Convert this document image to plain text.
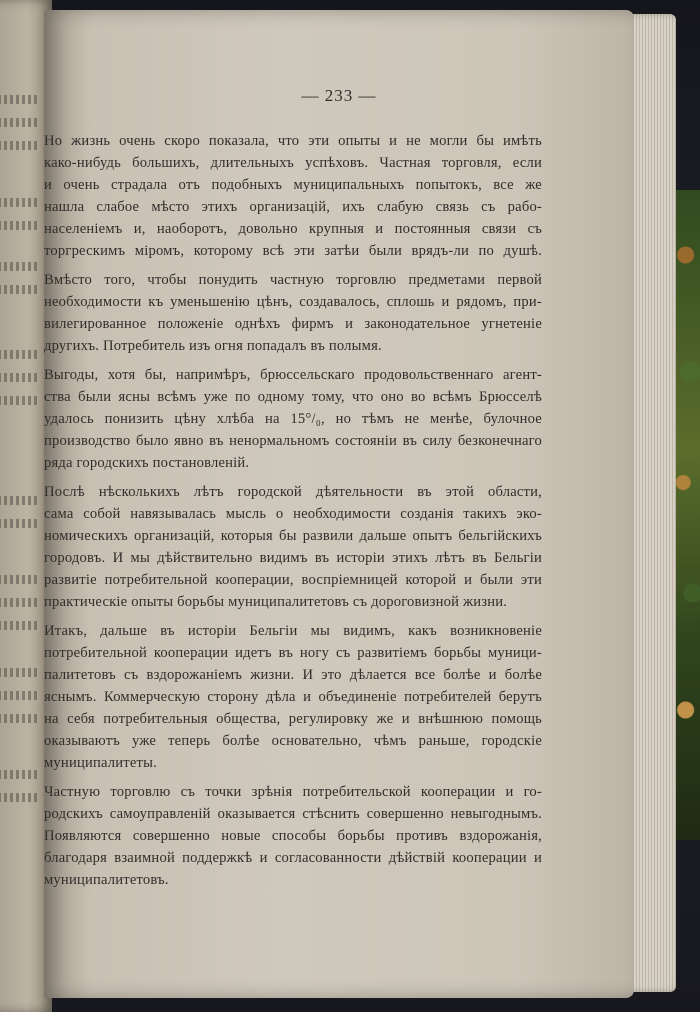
— 233 —
Но жизнь очень скоро показала, что эти опыты и не могли бы имѣть
како-нибудь большихъ, длительныхъ успѣховъ. Частная торговля, если
и очень страдала отъ подобныхъ муниципальныхъ попытокъ, все же
нашла слабое мѣсто этихъ организацій, ихъ слабую связь съ рабо-
населеніемъ и, наоборотъ, довольно крупныя и постоянныя связи съ
торгрескимъ міромъ, которому всѣ эти затѣи были врядъ-ли по душѣ.
Вмѣсто того, чтобы понудить частную торговлю предметами первой
необходимости къ уменьшенію цѣнъ, создавалось, сплошь и рядомъ, при-
вилегированное положеніе однѣхъ фирмъ и законодательное угнетеніе
другихъ. Потребитель изъ огня попадалъ въ полымя.
Выгоды, хотя бы, напримѣръ, брюссельскаго продовольственнаго агент-
ства были ясны всѣмъ уже по одному тому, что оно во всѣмъ Брюсселѣ
удалось понизить цѣну хлѣба на 15°/₀, но тѣмъ не менѣе, булочное
производство было явно въ ненормальномъ состояніи въ силу безконечнаго
ряда городскихъ постановленій.
Послѣ нѣсколькихъ лѣтъ городской дѣятельности въ этой области,
сама собой навязывалась мысль о необходимости созданія такихъ эко-
номическихъ организацій, которыя бы развили дальше опытъ бельгійскихъ
городовъ. И мы дѣйствительно видимъ въ исторіи этихъ лѣтъ въ Бельгіи
развитіе потребительной кооперации, воспріемницей которой и были эти
практическіе опыты борьбы муниципалитетовъ съ дороговизной жизни.
Итакъ, дальше въ исторіи Бельгіи мы видимъ, какъ возникновеніе
потребительной кооперации идетъ въ ногу съ развитіемъ борьбы муници-
палитетовъ съ вздорожаніемъ жизни. И это дѣлается все болѣе и болѣе
яснымъ. Коммерческую сторону дѣла и объединеніе потребителей берутъ
на себя потребительныя общества, регулировку же и внѣшнюю помощь
оказываютъ уже теперь болѣе основательно, чѣмъ раньше, городскіе
муниципалитеты.
Частную торговлю съ точки зрѣнія потребительской кооперации и го-
родскихъ самоуправленій оказывается стѣснить совершенно невыгоднымъ.
Появляются совершенно новые способы борьбы противъ вздорожанія,
благодаря взаимной поддержкѣ и согласованности дѣйствій кооперации и
муниципалитетовъ.
